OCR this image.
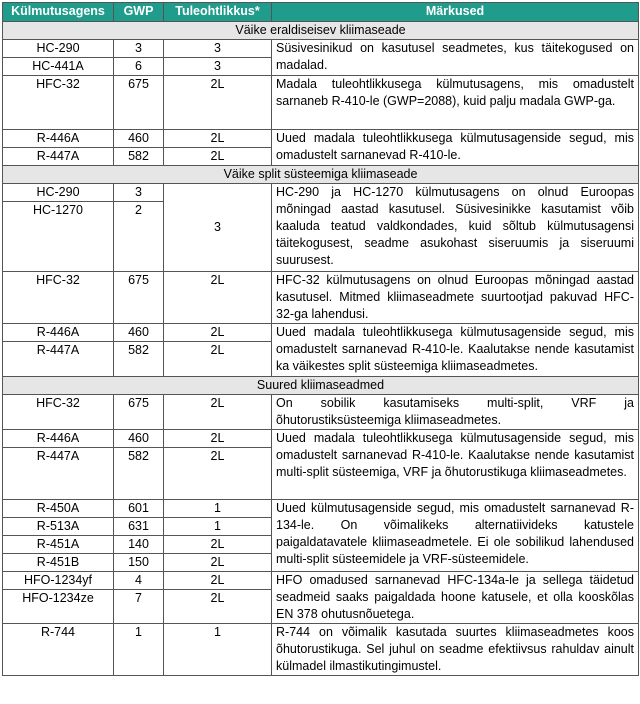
Külmutusagens	GWP	Tuleohtlikkus*	Märkused
Väike eraldiseisev kliimaseade			
HC-290	3	3	Süsivesinikud on kasutusel seadmetes, kus täitekogused on madalad.
HC-441A	6	3	
HFC-32	675	2L	Madala tuleohtlikkusega külmutusagens, mis omadustelt sarnaneb R-410-le (GWP=2088), kuid palju madala GWP-ga.
R-446A	460	2L	Uued madala tuleohtlikkusega külmutusagenside segud, mis omadustelt sarnanevad R-410-le.
R-447A	582	2L	
Väike split süsteemiga kliimaseade			
HC-290	3	3	HC-290 ja HC-1270 külmutusagens on olnud Euroopas mõningad aastad kasutusel. Süsivesinikke kasutamist võib kaaluda teatud valdkondades, kuid sõltub külmutusagensi täitekogusest, seadme asukohast siseruumis ja siseruumi suurusest.
HC-1270	2		
HFC-32	675	2L	HFC-32 külmutusagens on olnud Euroopas mõningad aastad kasutusel. Mitmed kliimaseadmete suurtootjad pakuvad HFC-32-ga lahendusi.
R-446A	460	2L	Uued madala tuleohtlikkusega külmutusagenside segud, mis omadustelt sarnanevad R-410-le. Kaalutakse nende kasutamist ka väikestes split süsteemiga kliimaseadmetes.
R-447A	582	2L	
Suured kliimaseadmed			
HFC-32	675	2L	On sobilik kasutamiseks multi-split, VRF ja õhutorustiksüsteemiga kliimaseadmetes.
R-446A	460	2L	Uued madala tuleohtlikkusega külmutusagenside segud, mis omadustelt sarnanevad R-410-le. Kaalutakse nende kasutamist multi-split süsteemiga, VRF ja õhutorustikuga kliimaseadmetes.
R-447A	582	2L	
R-450A	601	1	Uued külmutusagenside segud, mis omadustelt sarnanevad R-134-le. On võimalikeks alternatiivideks katustele paigaldatavatele kliimaseadmetele. Ei ole sobilikud lahendused multi-split süsteemidele ja VRF-süsteemidele.
R-513A	631	1	
R-451A	140	2L	
R-451B	150	2L	
HFO-1234yf	4	2L	HFO omadused sarnanevad HFC-134a-le ja sellega täidetud seadmeid saaks paigaldada hoone katusele, et olla kooskõlas EN 378 ohutusnõuetega.
HFO-1234ze	7	2L	
R-744	1	1	R-744 on võimalik kasutada suurtes kliimaseadmetes koos õhutorustikuga. Sel juhul on seadme efektiivsus rahuldav ainult külmadel ilmastikutingimustel.
